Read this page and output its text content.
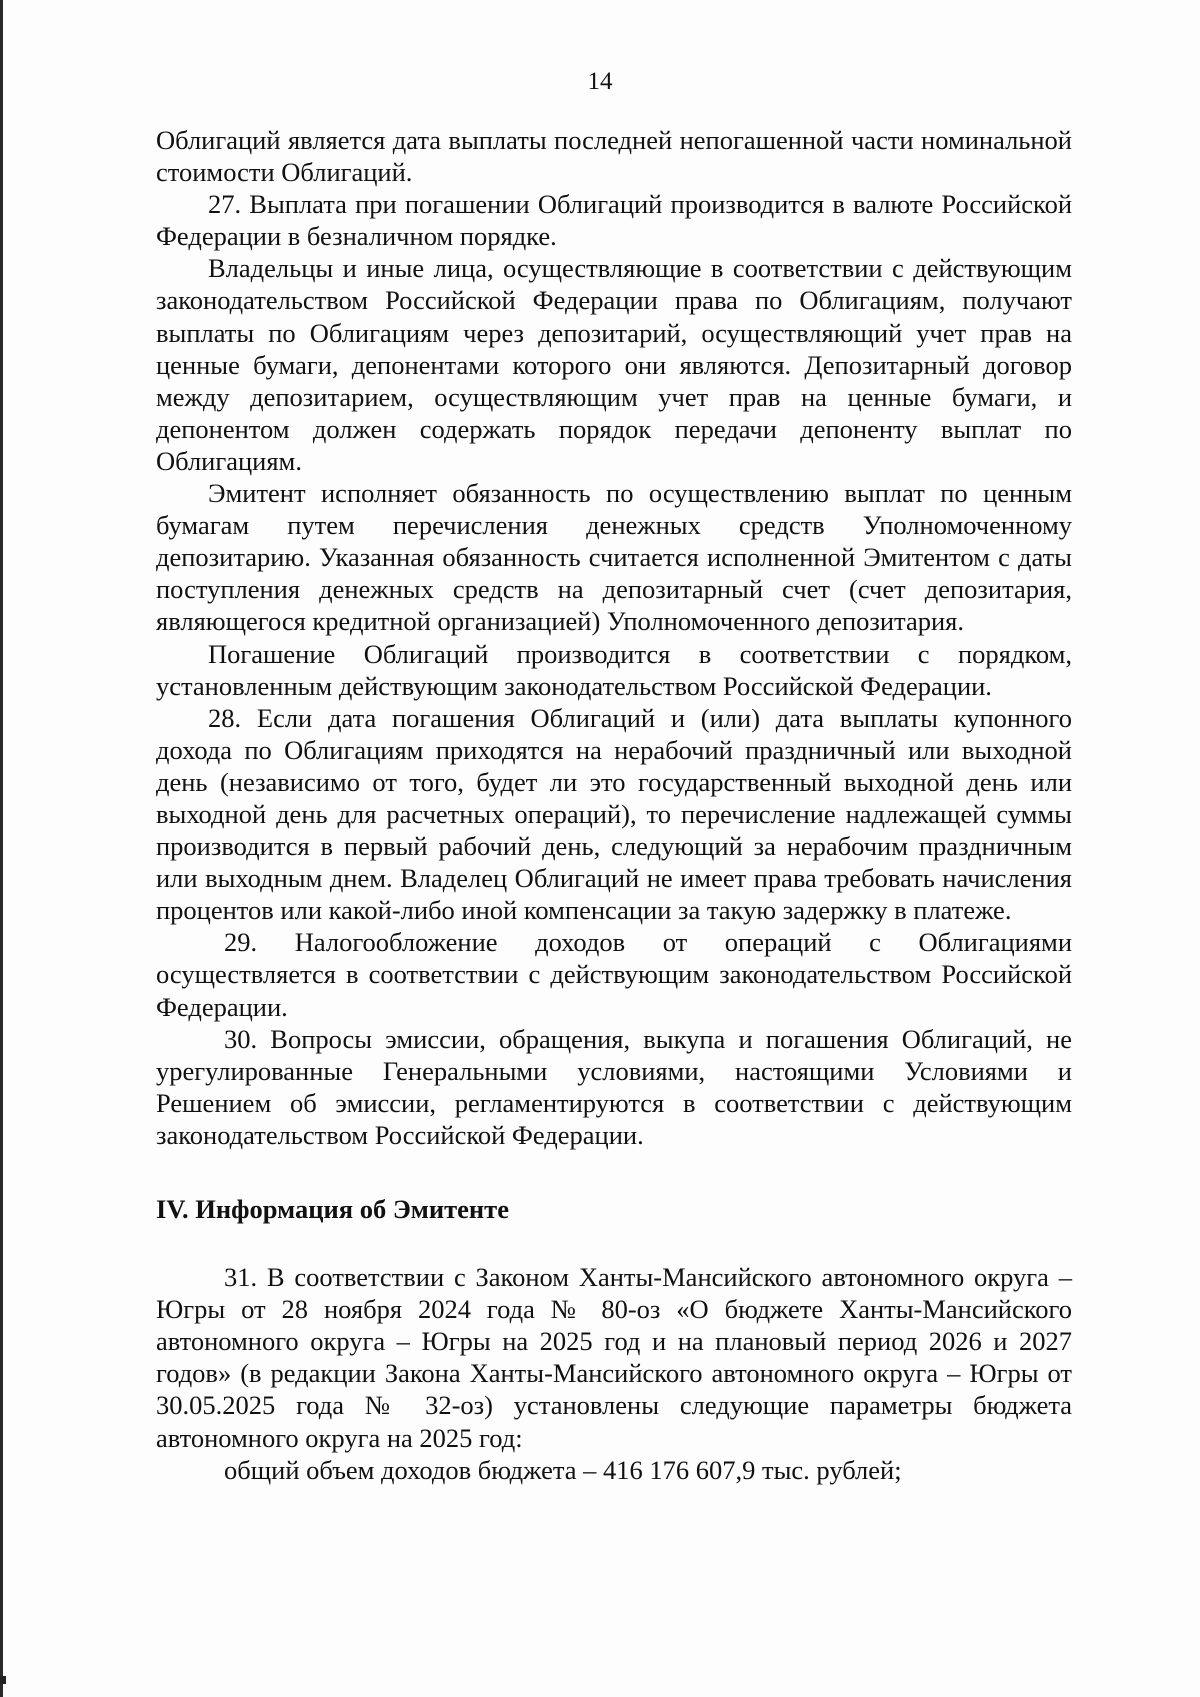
14

Облигаций является дата выплаты последней непогашенной части номинальной стоимости Облигаций.

27. Выплата при погашении Облигаций производится в валюте Российской Федерации в безналичном порядке.

Владельцы и иные лица, осуществляющие в соответствии с действующим законодательством Российской Федерации права по Облигациям, получают выплаты по Облигациям через депозитарий, осуществляющий учет прав на ценные бумаги, депонентами которого они являются. Депозитарный договор между депозитарием, осуществляющим учет прав на ценные бумаги, и депонентом должен содержать порядок передачи депоненту выплат по Облигациям.

Эмитент исполняет обязанность по осуществлению выплат по ценным бумагам путем перечисления денежных средств Уполномоченному депозитарию. Указанная обязанность считается исполненной Эмитентом с даты поступления денежных средств на депозитарный счет (счет депозитария, являющегося кредитной организацией) Уполномоченного депозитария.

Погашение Облигаций производится в соответствии с порядком, установленным действующим законодательством Российской Федерации.

28. Если дата погашения Облигаций и (или) дата выплаты купонного дохода по Облигациям приходятся на нерабочий праздничный или выходной день (независимо от того, будет ли это государственный выходной день или выходной день для расчетных операций), то перечисление надлежащей суммы производится в первый рабочий день, следующий за нерабочим праздничным или выходным днем. Владелец Облигаций не имеет права требовать начисления процентов или какой-либо иной компенсации за такую задержку в платеже.

29. Налогообложение доходов от операций с Облигациями осуществляется в соответствии с действующим законодательством Российской Федерации.

30. Вопросы эмиссии, обращения, выкупа и погашения Облигаций, не урегулированные Генеральными условиями, настоящими Условиями и Решением об эмиссии, регламентируются в соответствии с действующим законодательством Российской Федерации.

IV. Информация об Эмитенте

31. В соответствии с Законом Ханты-Мансийского автономного округа – Югры от 28 ноября 2024 года № 80-оз «О бюджете Ханты-Мансийского автономного округа – Югры на 2025 год и на плановый период 2026 и 2027 годов» (в редакции Закона Ханты-Мансийского автономного округа – Югры от 30.05.2025 года № 32-оз) установлены следующие параметры бюджета автономного округа на 2025 год:

общий объем доходов бюджета – 416 176 607,9 тыс. рублей;
